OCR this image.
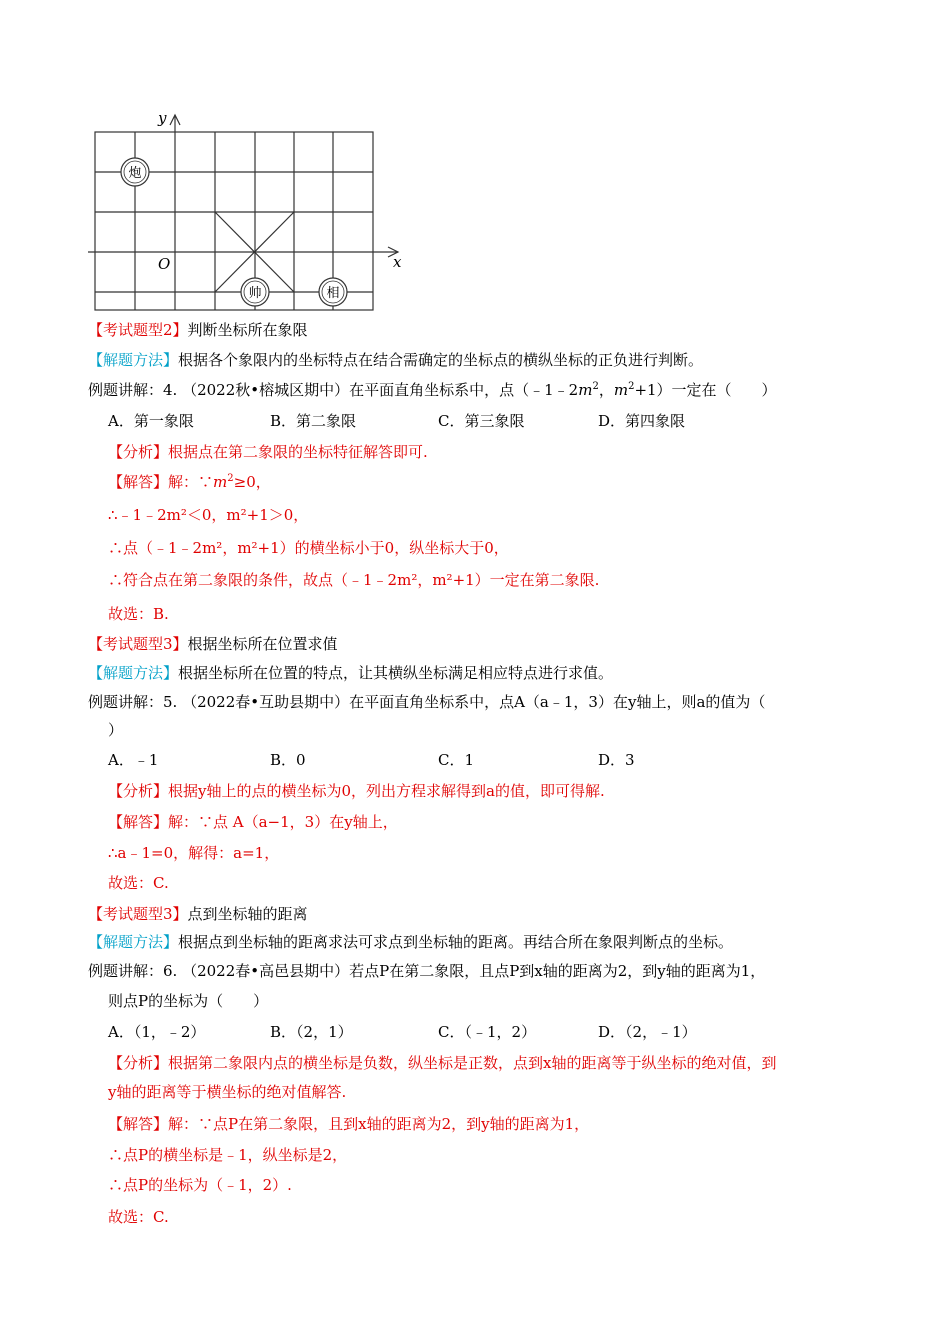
y
x
O
炮
帅	相
【考试题型2】判断坐标所在象限
【解题方法】根据各个象限内的坐标特点在结合需确定的坐标点的横纵坐标的正负进行判断。
例题讲解：4. （2022秋•榕城区期中）在平面直角坐标系中，点（$﹣1﹣2m^2$，$m^2+1$）一定在（　　）
A．第一象限	B．第二象限	C．第三象限	D．第四象限
【分析】根据点在第二象限的坐标特征解答即可.
【解答】解：$\because m^2\ge 0$，
∴﹣1﹣2m²＜0，m²+1＞0，
∴点（﹣1﹣2m²，m²+1）的横坐标小于0，纵坐标大于0，
∴符合点在第二象限的条件，故点（﹣1﹣2m²，m²+1）一定在第二象限.
故选：B.
【考试题型3】根据坐标所在位置求值
【解题方法】根据坐标所在位置的特点，让其横纵坐标满足相应特点进行求值。
例题讲解：5. （2022春•互助县期中）在平面直角坐标系中，点A（a﹣1，3）在y轴上，则a的值为（
）
A．﹣1	B．0	C．1	D．3
【分析】根据y轴上的点的横坐标为0，列出方程求解得到a的值，即可得解.
【解答】解：∵点 A（a−1，3）在y轴上，
∴a﹣1=0，解得：a=1，
故选：C.
【考试题型3】点到坐标轴的距离
【解题方法】根据点到坐标轴的距离求法可求点到坐标轴的距离。再结合所在象限判断点的坐标。
例题讲解：6. （2022春•高邑县期中）若点P在第二象限，且点P到x轴的距离为2，到y轴的距离为1，
则点P的坐标为（　　）
A．（1，﹣2）	B．（2，1）	C．（﹣1，2）	D．（2，﹣1）
【分析】根据第二象限内点的横坐标是负数，纵坐标是正数，点到x轴的距离等于纵坐标的绝对值，到
y轴的距离等于横坐标的绝对值解答.
【解答】解：∵点P在第二象限，且到x轴的距离为2，到y轴的距离为1，
∴点P的横坐标是﹣1，纵坐标是2，
∴点P的坐标为（﹣1，2）.
故选：C.
